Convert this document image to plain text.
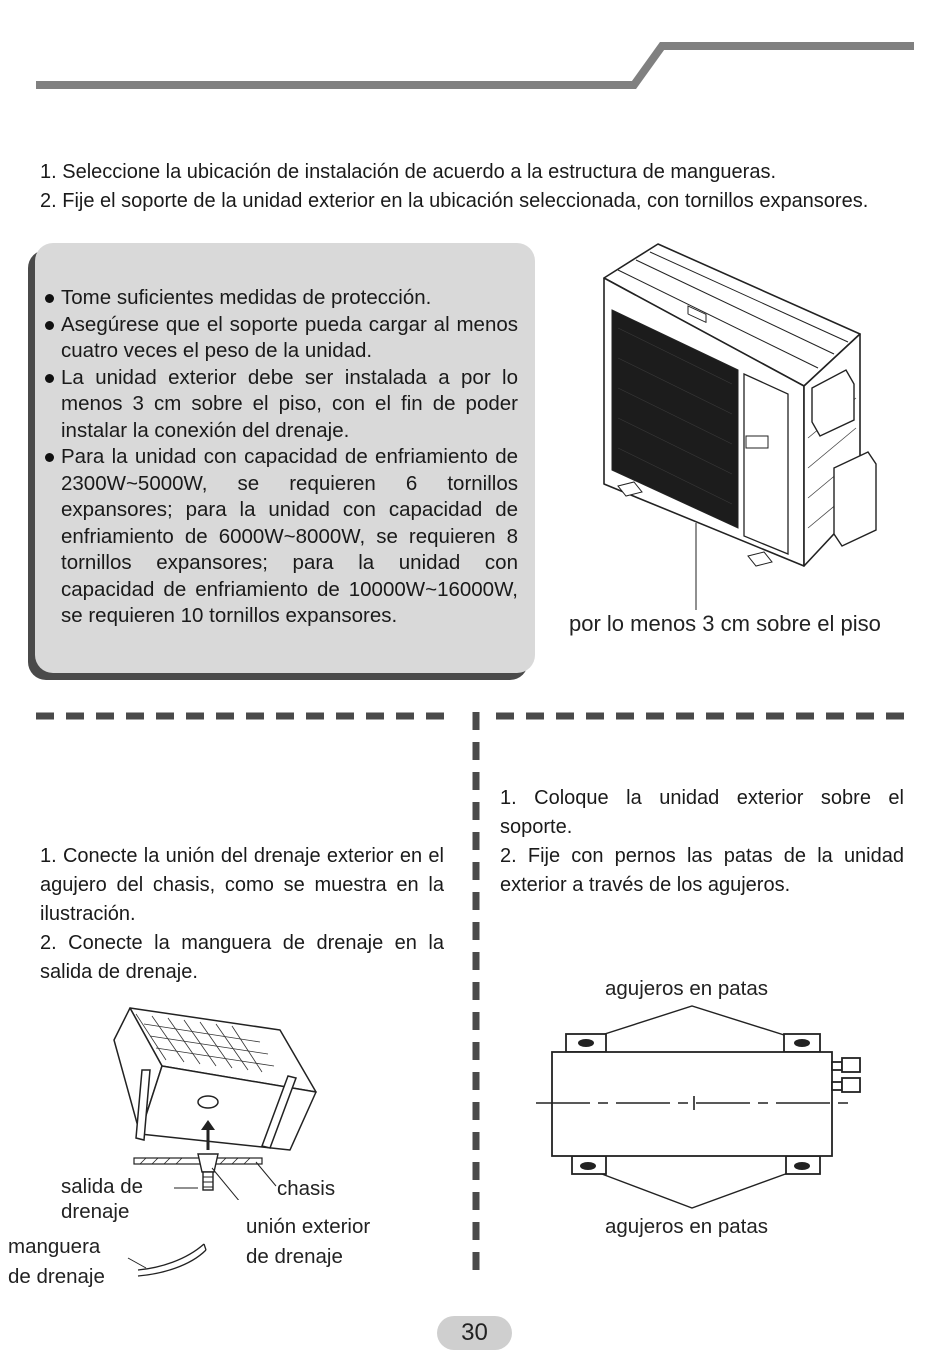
1. Seleccione la ubicación de instalación de acuerdo a la estructura de mangueras.

2. Fije el soporte de la unidad exterior en la ubicación seleccionada, con tornillos expansores.

Tome suficientes medidas de protección.
Asegúrese que el soporte pueda cargar al menos cuatro veces el peso de la unidad.
La unidad exterior debe ser instalada a por lo menos 3 cm sobre el piso, con el fin de poder instalar la conexión del drenaje.
Para la unidad con capacidad de enfriamiento de 2300W~5000W, se requieren 6 tornillos expansores; para la unidad con capacidad de enfriamiento de 6000W~8000W, se requieren 8 tornillos expansores; para la unidad con capacidad de enfriamiento de 10000W~16000W, se requieren 10 tornillos expansores.	por lo menos 3 cm sobre el piso

1. Conecte la unión del drenaje exterior en el agujero del chasis, como se muestra en la ilustración.

2. Conecte la manguera de drenaje en la salida de drenaje.

salida de
drenaje
chasis
unión exterior
de drenaje
manguera
de drenaje

1. Coloque la unidad exterior sobre el soporte.

2. Fije con pernos las patas de la unidad exterior a través de los agujeros.

agujeros en patas
agujeros en patas
30
